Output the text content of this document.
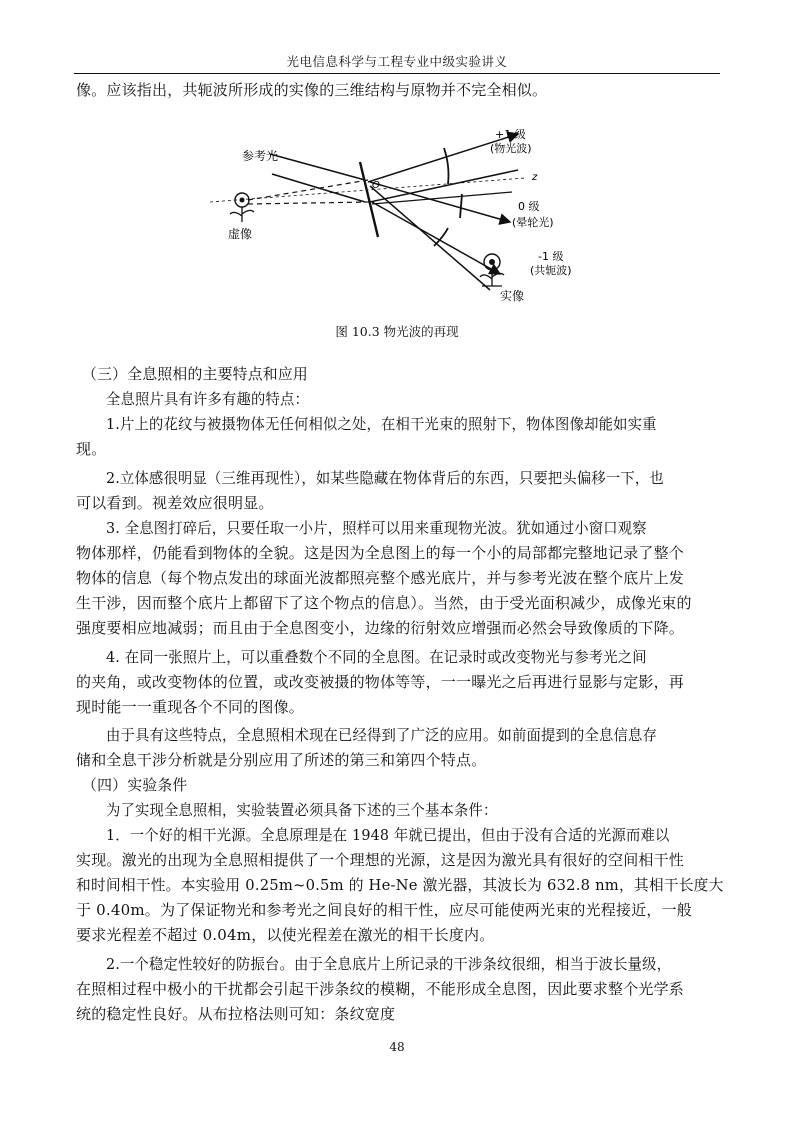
光电信息科学与工程专业中级实验讲义
像。应该指出，共轭波所形成的实像的三维结构与原物并不完全相似。
参考光
虚像
实像
+1 级
(物光波)
0 级
(晕轮光)
-1 级
(共轭波)
z
O
图 10.3 物光波的再现
（三）全息照相的主要特点和应用
全息照片具有许多有趣的特点：
1.片上的花纹与被摄物体无任何相似之处，在相干光束的照射下，物体图像却能如实重
现。
2.立体感很明显（三维再现性），如某些隐藏在物体背后的东西，只要把头偏移一下，也
可以看到。视差效应很明显。
3. 全息图打碎后，只要任取一小片，照样可以用来重现物光波。犹如通过小窗口观察
物体那样，仍能看到物体的全貌。这是因为全息图上的每一个小的局部都完整地记录了整个
物体的信息（每个物点发出的球面光波都照亮整个感光底片，并与参考光波在整个底片上发
生干涉，因而整个底片上都留下了这个物点的信息）。当然，由于受光面积减少，成像光束的
强度要相应地减弱；而且由于全息图变小，边缘的衍射效应增强而必然会导致像质的下降。
4. 在同一张照片上，可以重叠数个不同的全息图。在记录时或改变物光与参考光之间
的夹角，或改变物体的位置，或改变被摄的物体等等，一一曝光之后再进行显影与定影，再
现时能一一重现各个不同的图像。
由于具有这些特点，全息照相术现在已经得到了广泛的应用。如前面提到的全息信息存
储和全息干涉分析就是分别应用了所述的第三和第四个特点。
（四）实验条件
为了实现全息照相，实验装置必须具备下述的三个基本条件：
1．一个好的相干光源。全息原理是在 1948 年就已提出，但由于没有合适的光源而难以
实现。激光的出现为全息照相提供了一个理想的光源，这是因为激光具有很好的空间相干性
和时间相干性。本实验用 0.25m~0.5m 的 He-Ne 激光器，其波长为 632.8 nm，其相干长度大
于 0.40m。为了保证物光和参考光之间良好的相干性，应尽可能使两光束的光程接近，一般
要求光程差不超过 0.04m，以使光程差在激光的相干长度内。
2.一个稳定性较好的防振台。由于全息底片上所记录的干涉条纹很细，相当于波长量级，
在照相过程中极小的干扰都会引起干涉条纹的模糊，不能形成全息图，因此要求整个光学系
统的稳定性良好。从布拉格法则可知：条纹宽度
48
